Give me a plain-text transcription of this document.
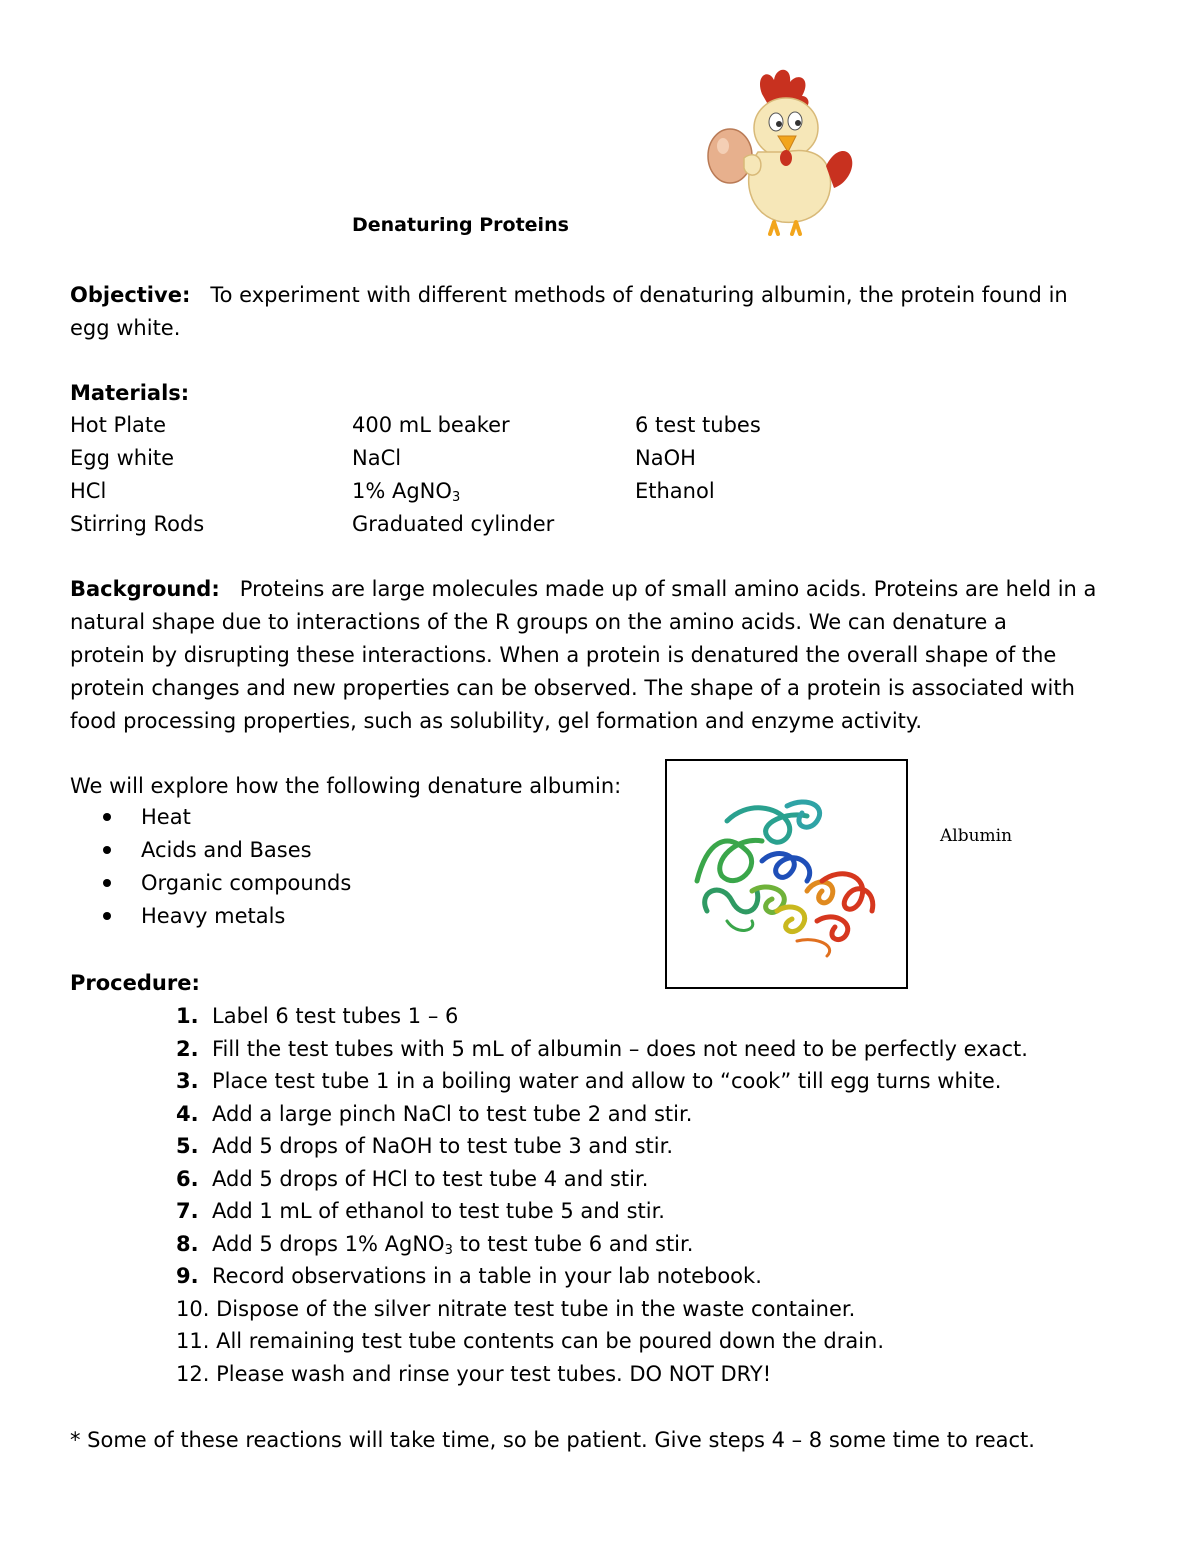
Denaturing Proteins
Objective: To experiment with different methods of denaturing albumin, the protein found in
egg white.
Materials:
Hot Plate
Egg white
HCl
Stirring Rods
400 mL beaker
NaCl
1% AgNO$_3$
Graduated cylinder
6 test tubes
NaOH
Ethanol
Background: Proteins are large molecules made up of small amino acids. Proteins are held in a
natural shape due to interactions of the R groups on the amino acids. We can denature a
protein by disrupting these interactions. When a protein is denatured the overall shape of the
protein changes and new properties can be observed. The shape of a protein is associated with
food processing properties, such as solubility, gel formation and enzyme activity.
We will explore how the following denature albumin:
Heat
Acids and Bases
Organic compounds
Heavy metals
Albumin
Procedure:
1. Label 6 test tubes 1 – 6
2. Fill the test tubes with 5 mL of albumin – does not need to be perfectly exact.
3. Place test tube 1 in a boiling water and allow to “cook” till egg turns white.
4. Add a large pinch NaCl to test tube 2 and stir.
5. Add 5 drops of NaOH to test tube 3 and stir.
6. Add 5 drops of HCl to test tube 4 and stir.
7. Add 1 mL of ethanol to test tube 5 and stir.
8. Add 5 drops 1% AgNO$_3$ to test tube 6 and stir.
9. Record observations in a table in your lab notebook.
10. Dispose of the silver nitrate test tube in the waste container.
11. All remaining test tube contents can be poured down the drain.
12. Please wash and rinse your test tubes. DO NOT DRY!
* Some of these reactions will take time, so be patient. Give steps 4 – 8 some time to react.
